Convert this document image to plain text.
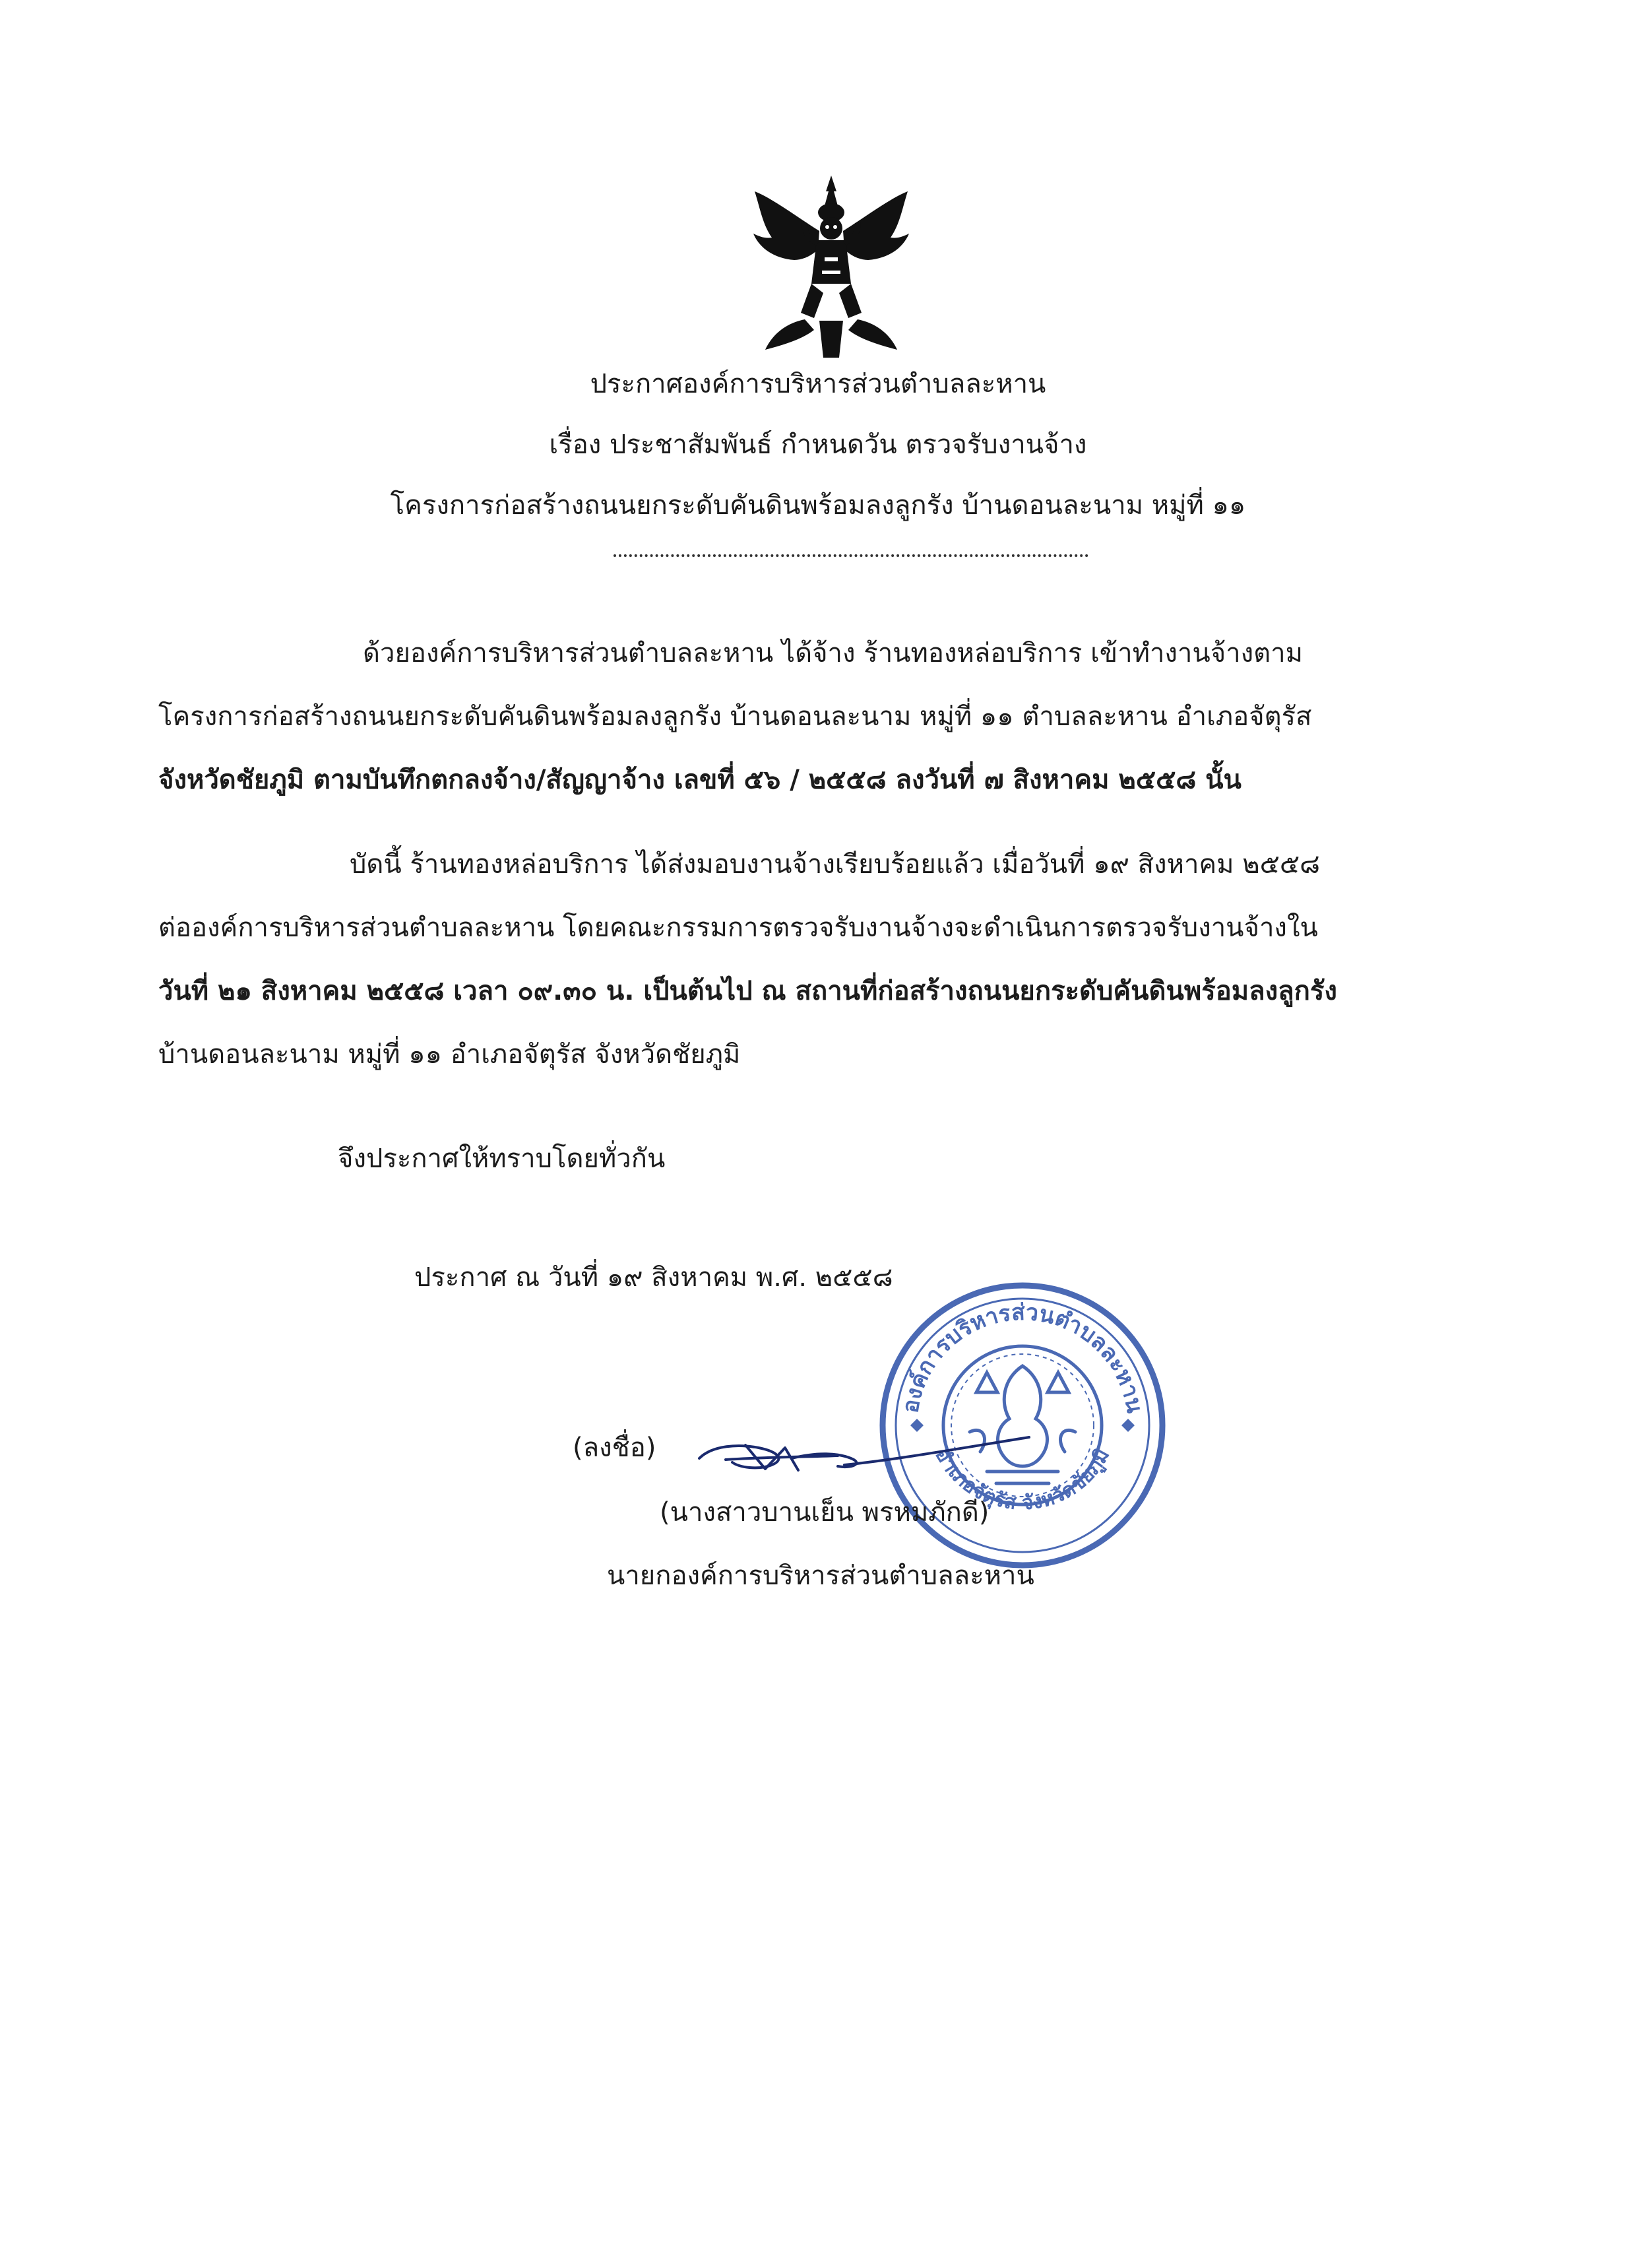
ประกาศองค์การบริหารส่วนตำบลละหาน
เรื่อง ประชาสัมพันธ์ กำหนดวัน ตรวจรับงานจ้าง
โครงการก่อสร้างถนนยกระดับคันดินพร้อมลงลูกรัง บ้านดอนละนาม หมู่ที่ ๑๑
ด้วยองค์การบริหารส่วนตำบลละหาน ได้จ้าง ร้านทองหล่อบริการ เข้าทำงานจ้างตาม
โครงการก่อสร้างถนนยกระดับคันดินพร้อมลงลูกรัง บ้านดอนละนาม หมู่ที่ ๑๑ ตำบลละหาน อำเภอจัตุรัส
จังหวัดชัยภูมิ ตามบันทึกตกลงจ้าง/สัญญาจ้าง เลขที่ ๕๖ / ๒๕๕๘ ลงวันที่ ๗ สิงหาคม ๒๕๕๘ นั้น
บัดนี้ ร้านทองหล่อบริการ ได้ส่งมอบงานจ้างเรียบร้อยแล้ว เมื่อวันที่ ๑๙ สิงหาคม ๒๕๕๘
ต่อองค์การบริหารส่วนตำบลละหาน โดยคณะกรรมการตรวจรับงานจ้างจะดำเนินการตรวจรับงานจ้างใน
วันที่ ๒๑ สิงหาคม ๒๕๕๘ เวลา ๐๙.๓๐ น. เป็นต้นไป ณ สถานที่ก่อสร้างถนนยกระดับคันดินพร้อมลงลูกรัง
บ้านดอนละนาม หมู่ที่ ๑๑ อำเภอจัตุรัส จังหวัดชัยภูมิ
จึงประกาศให้ทราบโดยทั่วกัน
ประกาศ ณ วันที่ ๑๙ สิงหาคม พ.ศ. ๒๕๕๘
องค์การบริหารส่วนตำบลละหาน
อำเภอจัตุรัส จังหวัดชัยภูมิ
(ลงชื่อ)
(นางสาวบานเย็น พรหมภักดี)
นายกองค์การบริหารส่วนตำบลละหาน
